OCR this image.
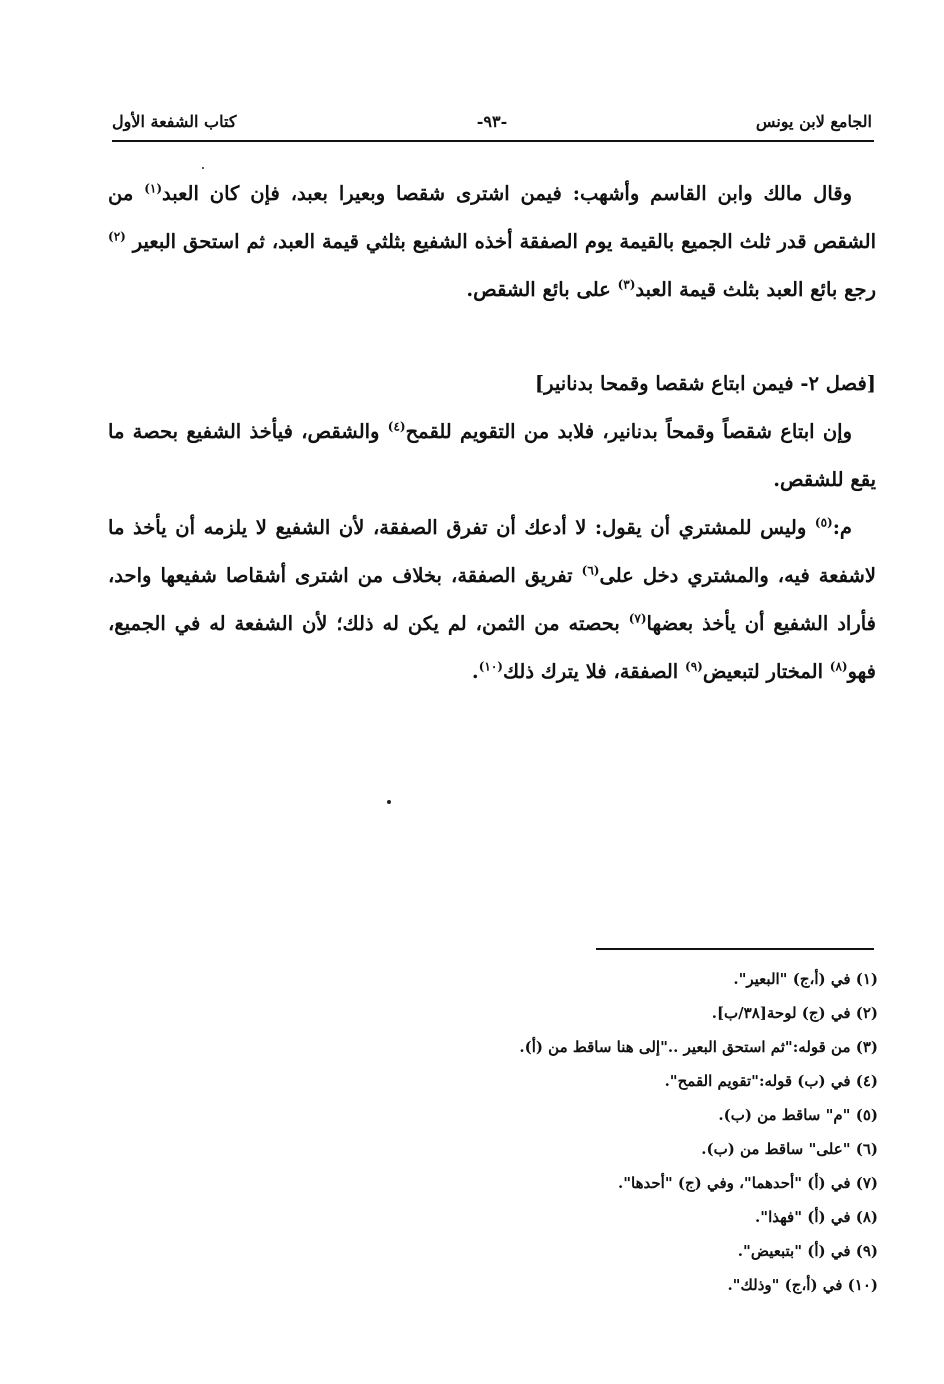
الجامع لابن يونس
-٩٣-
كتاب الشفعة الأول

وقال مالك وابن القاسم وأشهب: فيمن اشترى شقصا وبعيرا بعبد، فإن كان العبد$^{(١)}$ من الشقص قدر ثلث الجميع بالقيمة يوم الصفقة أخذه الشفيع بثلثي قيمة العبد، ثم استحق البعير $^{(٢)}$ رجع بائع العبد بثلث قيمة العبد$^{(٣)}$ على بائع الشقص.

[فصل ٢- فيمن ابتاع شقصا وقمحا بدنانير]

وإن ابتاع شقصاً وقمحاً بدنانير، فلابد من التقويم للقمح$^{(٤)}$ والشقص، فيأخذ الشفيع بحصة ما يقع للشقص.

م:$^{(٥)}$ وليس للمشتري أن يقول: لا أدعك أن تفرق الصفقة، لأن الشفيع لا يلزمه أن يأخذ ما لاشفعة فيه، والمشتري دخل على$^{(٦)}$ تفريق الصفقة، بخلاف من اشترى أشقاصا شفيعها واحد، فأراد الشفيع أن يأخذ بعضها$^{(٧)}$ بحصته من الثمن، لم يكن له ذلك؛ لأن الشفعة له في الجميع، فهو$^{(٨)}$ المختار لتبعيض$^{(٩)}$ الصفقة، فلا يترك ذلك$^{(١٠)}$.

(١) في (أ،ج) "البعير".

(٢) في (ج) لوحة[٣٨/ب].

(٣) من قوله:"ثم استحق البعير .."إلى هنا ساقط من (أ).

(٤) في (ب) قوله:"تقويم القمح".

(٥) "م" ساقط من (ب).

(٦) "على" ساقط من (ب).

(٧) في (أ) "أحدهما"، وفي (ج) "أحدها".

(٨) في (أ) "فهذا".

(٩) في (أ) "بتبعيض".

(١٠) في (أ،ج) "وذلك".
